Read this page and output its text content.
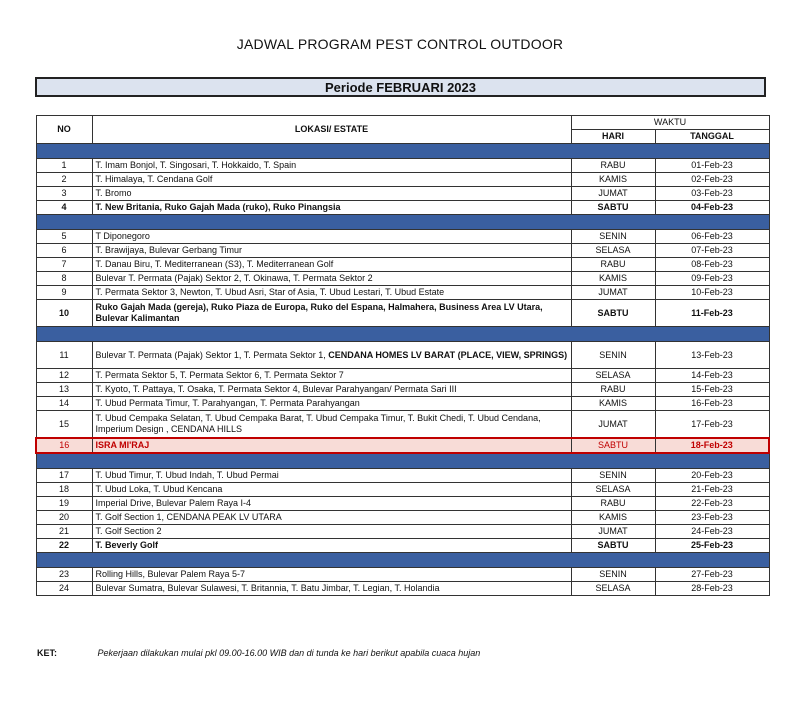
JADWAL PROGRAM PEST CONTROL OUTDOOR
Periode FEBRUARI 2023
NO	LOKASI/ ESTATE	WAKTU	
		HARI	TANGGAL

1	T. Imam Bonjol, T. Singosari, T. Hokkaido, T. Spain	RABU	01-Feb-23
2	T. Himalaya, T. Cendana Golf	KAMIS	02-Feb-23
3	T. Bromo	JUMAT	03-Feb-23
4	T. New Britania, Ruko Gajah Mada (ruko), Ruko Pinangsia	SABTU	04-Feb-23

5	T Diponegoro	SENIN	06-Feb-23
6	T. Brawijaya, Bulevar Gerbang Timur	SELASA	07-Feb-23
7	T. Danau Biru, T. Mediterranean (S3), T. Mediterranean Golf	RABU	08-Feb-23
8	Bulevar T. Permata (Pajak) Sektor 2, T. Okinawa, T. Permata Sektor 2	KAMIS	09-Feb-23
9	T. Permata Sektor 3, Newton, T. Ubud Asri, Star of Asia, T. Ubud Lestari, T. Ubud Estate	JUMAT	10-Feb-23
10	Ruko Gajah Mada (gereja), Ruko Piaza de Europa, Ruko del Espana, Halmahera, Business Area LV Utara, Bulevar Kalimantan	SABTU	11-Feb-23

11	Bulevar T. Permata (Pajak) Sektor 1, T. Permata Sektor 1, CENDANA HOMES LV BARAT (PLACE, VIEW, SPRINGS)	SENIN	13-Feb-23
12	T. Permata Sektor 5, T. Permata Sektor 6, T. Permata Sektor 7	SELASA	14-Feb-23
13	T. Kyoto, T. Pattaya, T. Osaka, T. Permata Sektor 4, Bulevar Parahyangan/ Permata Sari III	RABU	15-Feb-23
14	T. Ubud Permata Timur, T. Parahyangan, T. Permata Parahyangan	KAMIS	16-Feb-23
15	T. Ubud Cempaka Selatan, T. Ubud Cempaka Barat, T. Ubud Cempaka Timur, T. Bukit Chedi, T. Ubud Cendana, Imperium Design , CENDANA HILLS	JUMAT	17-Feb-23
16	ISRA MI'RAJ	SABTU	18-Feb-23

17	T. Ubud Timur, T. Ubud Indah, T. Ubud Permai	SENIN	20-Feb-23
18	T. Ubud Loka, T. Ubud Kencana	SELASA	21-Feb-23
19	Imperial Drive, Bulevar Palem Raya I-4	RABU	22-Feb-23
20	T. Golf Section 1, CENDANA PEAK LV UTARA	KAMIS	23-Feb-23
21	T. Golf Section 2	JUMAT	24-Feb-23
22	T. Beverly Golf	SABTU	25-Feb-23

23	Rolling Hills, Bulevar Palem Raya 5-7	SENIN	27-Feb-23
24	Bulevar Sumatra, Bulevar Sulawesi, T. Britannia, T. Batu Jimbar, T. Legian, T. Holandia	SELASA	28-Feb-23
KET:	Pekerjaan dilakukan mulai pkl 09.00-16.00 WIB dan di tunda ke hari berikut apabila cuaca hujan
